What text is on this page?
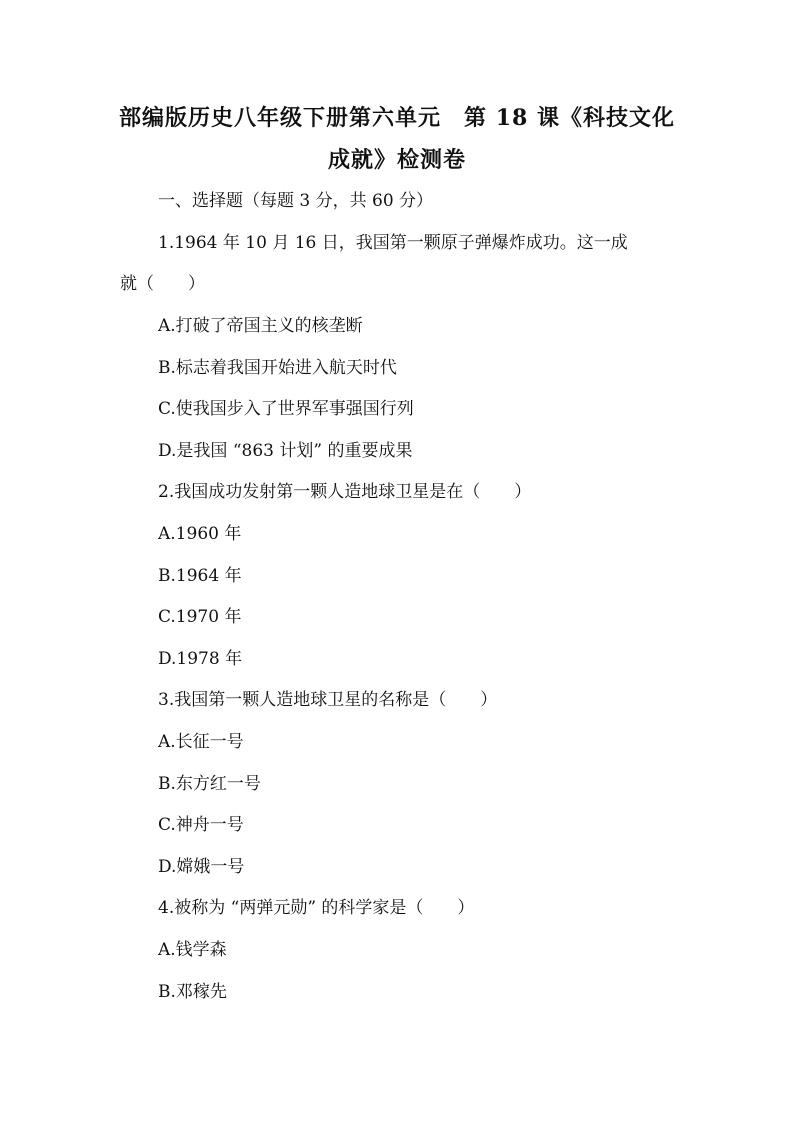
部编版历史八年级下册第六单元　第 18 课《科技文化
成就》检测卷
一、选择题（每题 3 分，共 60 分）
1.1964 年 10 月 16 日，我国第一颗原子弹爆炸成功。这一成
就（　　）
A.打破了帝国主义的核垄断
B.标志着我国开始进入航天时代
C.使我国步入了世界军事强国行列
D.是我国 “863 计划” 的重要成果
2.我国成功发射第一颗人造地球卫星是在（　　）
A.1960 年
B.1964 年
C.1970 年
D.1978 年
3.我国第一颗人造地球卫星的名称是（　　）
A.长征一号
B.东方红一号
C.神舟一号
D.嫦娥一号
4.被称为 “两弹元勋” 的科学家是（　　）
A.钱学森
B.邓稼先
